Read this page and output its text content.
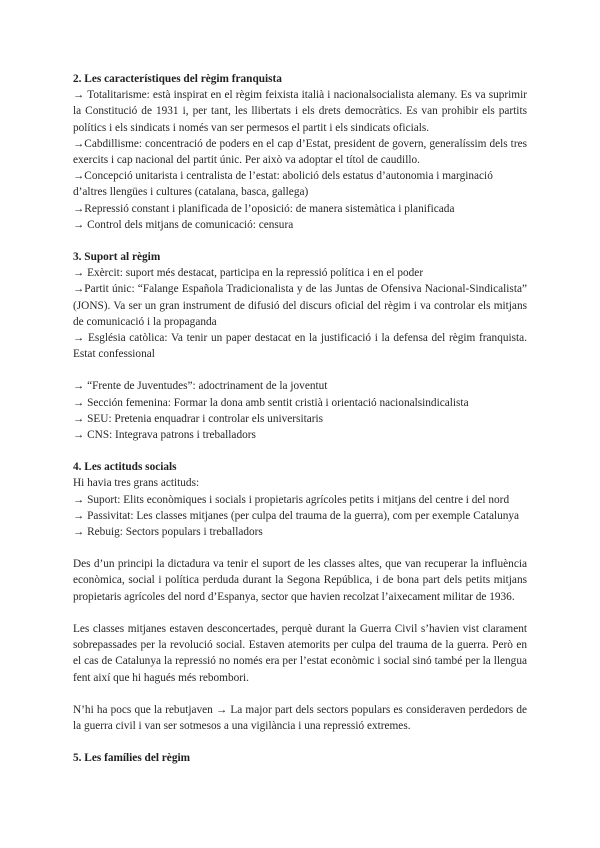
2. Les característiques del règim franquista

→ Totalitarisme: està inspirat en el règim feixista italià i nacionalsocialista alemany. Es va suprimir la Constitució de 1931 i, per tant, les llibertats i els drets democràtics. Es van prohibir els partits polítics i els sindicats i només van ser permesos el partit i els sindicats oficials.

→Cabdillisme: concentració de poders en el cap d’Estat, president de govern, generalíssim dels tres exercits i cap nacional del partit únic. Per això va adoptar el títol de caudillo.

→Concepció unitarista i centralista de l’estat: abolició dels estatus d’autonomia i marginació d’altres llengües i cultures (catalana, basca, gallega)

→Repressió constant i planificada de l’oposició: de manera sistemàtica i planificada

→ Control dels mitjans de comunicació: censura

3. Suport al règim

→ Exèrcit: suport més destacat, participa en la repressió política i en el poder

→Partit únic: “Falange Española Tradicionalista y de las Juntas de Ofensiva Nacional-Sindicalista” (JONS). Va ser un gran instrument de difusió del discurs oficial del règim i va controlar els mitjans de comunicació i la propaganda

→ Església catòlica: Va tenir un paper destacat en la justificació i la defensa del règim franquista. Estat confessional

→ “Frente de Juventudes”: adoctrinament de la joventut

→ Sección femenina: Formar la dona amb sentit cristià i orientació nacionalsindicalista

→ SEU: Pretenia enquadrar i controlar els universitaris

→ CNS: Integrava patrons i treballadors

4. Les actituds socials

Hi havia tres grans actituds:

→ Suport: Elits econòmiques i socials i propietaris agrícoles petits i mitjans del centre i del nord

→ Passivitat: Les classes mitjanes (per culpa del trauma de la guerra), com per exemple Catalunya

→ Rebuig: Sectors populars i treballadors

Des d’un principi la dictadura va tenir el suport de les classes altes, que van recuperar la influència econòmica, social i política perduda durant la Segona República, i de bona part dels petits mitjans propietaris agrícoles del nord d’Espanya, sector que havien recolzat l’aixecament militar de 1936.

Les classes mitjanes estaven desconcertades, perquè durant la Guerra Civil s’havien vist clarament sobrepassades per la revolució social. Estaven atemorits per culpa del trauma de la guerra. Però en el cas de Catalunya la repressió no només era per l’estat econòmic i social sinó també per la llengua fent així que hi hagués més rebombori.

N’hi ha pocs que la rebutjaven → La major part dels sectors populars es consideraven perdedors de la guerra civil i van ser sotmesos a una vigilància i una repressió extremes.

5. Les famílies del règim
